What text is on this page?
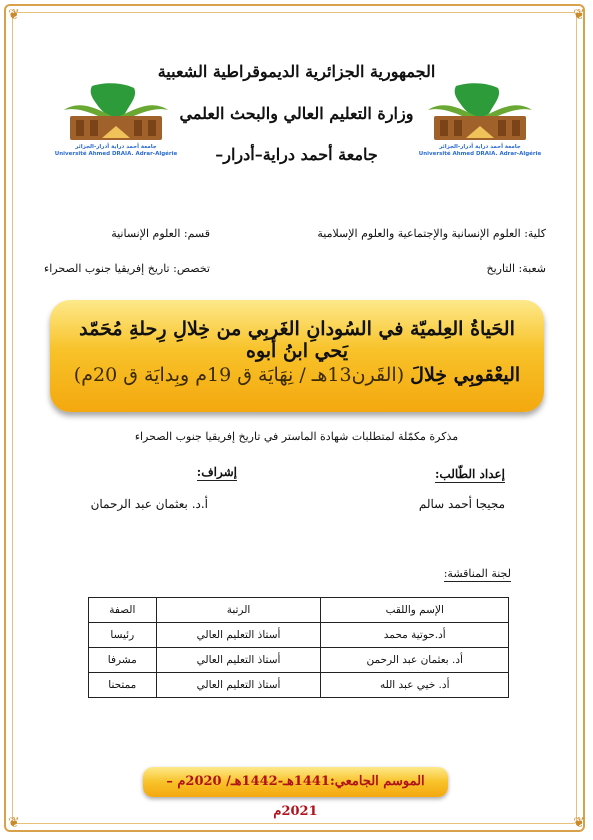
❦	❦
❦	❦
الجمهورية الجزائرية الديموقراطية الشعبية
وزارة التعليم العالي والبحث العلمي
جامعة أحمد دراية–أدرار–
جامعة أحمد دراية أدرار-الجزائر
Université Ahmed DRAIA. Adrar-Algérie
جامعة أحمد دراية أدرار-الجزائر
Université Ahmed DRAIA. Adrar-Algérie
كلية: العلوم الإنسانية والإجتماعية والعلوم الإسلامية
قسم: العلوم الإنسانية
شعبة: التاريخ
تخصص: تاريخ إفريقيا جنوب الصحراء
الحَياةُ العِلميّة في السُودانِ الغَربِي من خِلالِ رِحلةِ مُحَمّد يَحي ابنُ أبوه
اليعْقوبِي خِلالَ (القَرن13هـ / نِهَايَة ق 19م وبِدايَة ق 20م)
مذكرة مكمّلة لمتطلبات شهادة الماستر في تاريخ إفريقيا جنوب الصحراء
إعداد الطّالب:
مجيجا أحمد سالم
إشراف:
أ.د. بعثمان عبد الرحمان
لجنة المناقشة:
الإسم واللقب	الرتبة	الصفة
أد.حوتية محمد	أستاذ التعليم العالي	رئيسا
أد. بعثمان عبد الرحمن	أستاذ التعليم العالي	مشرفا
أد. خيي عبد الله	أستاذ التعليم العالي	ممتحنا
الموسم الجامعي:1441هـ-1442هـ/ 2020م – 2021م
